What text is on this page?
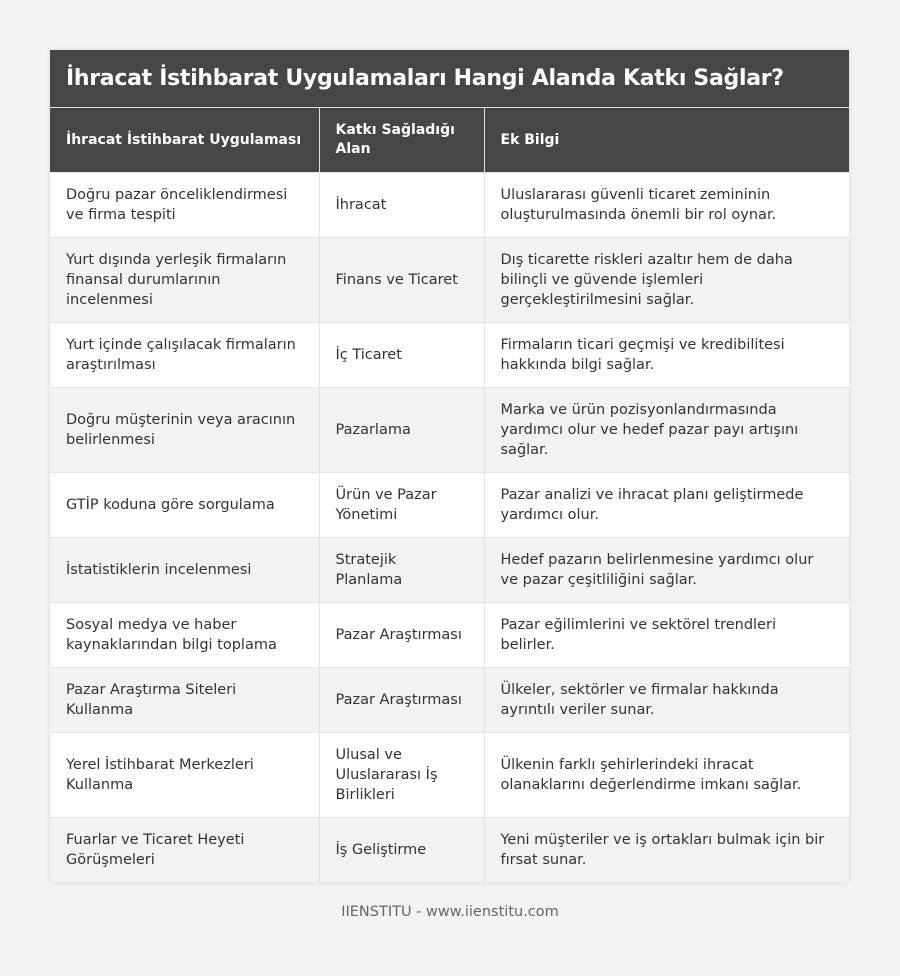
İhracat İstihbarat Uygulamaları Hangi Alanda Katkı Sağlar?
İhracat İstihbarat Uygulaması	Katkı Sağladığı Alan	Ek Bilgi
Doğru pazar önceliklendirmesi ve firma tespiti	İhracat	Uluslararası güvenli ticaret zemininin oluşturulmasında önemli bir rol oynar.
Yurt dışında yerleşik firmaların finansal durumlarının incelenmesi	Finans ve Ticaret	Dış ticarette riskleri azaltır hem de daha bilinçli ve güvende işlemleri gerçekleştirilmesini sağlar.
Yurt içinde çalışılacak firmaların araştırılması	İç Ticaret	Firmaların ticari geçmişi ve kredibilitesi hakkında bilgi sağlar.
Doğru müşterinin veya aracının belirlenmesi	Pazarlama	Marka ve ürün pozisyonlandırmasında yardımcı olur ve hedef pazar payı artışını sağlar.
GTİP koduna göre sorgulama	Ürün ve Pazar Yönetimi	Pazar analizi ve ihracat planı geliştirmede yardımcı olur.
İstatistiklerin incelenmesi	Stratejik Planlama	Hedef pazarın belirlenmesine yardımcı olur ve pazar çeşitliliğini sağlar.
Sosyal medya ve haber kaynaklarından bilgi toplama	Pazar Araştırması	Pazar eğilimlerini ve sektörel trendleri belirler.
Pazar Araştırma Siteleri Kullanma	Pazar Araştırması	Ülkeler, sektörler ve firmalar hakkında ayrıntılı veriler sunar.
Yerel İstihbarat Merkezleri Kullanma	Ulusal ve Uluslararası İş Birlikleri	Ülkenin farklı şehirlerindeki ihracat olanaklarını değerlendirme imkanı sağlar.
Fuarlar ve Ticaret Heyeti Görüşmeleri	İş Geliştirme	Yeni müşteriler ve iş ortakları bulmak için bir fırsat sunar.
IIENSTITU - www.iienstitu.com
